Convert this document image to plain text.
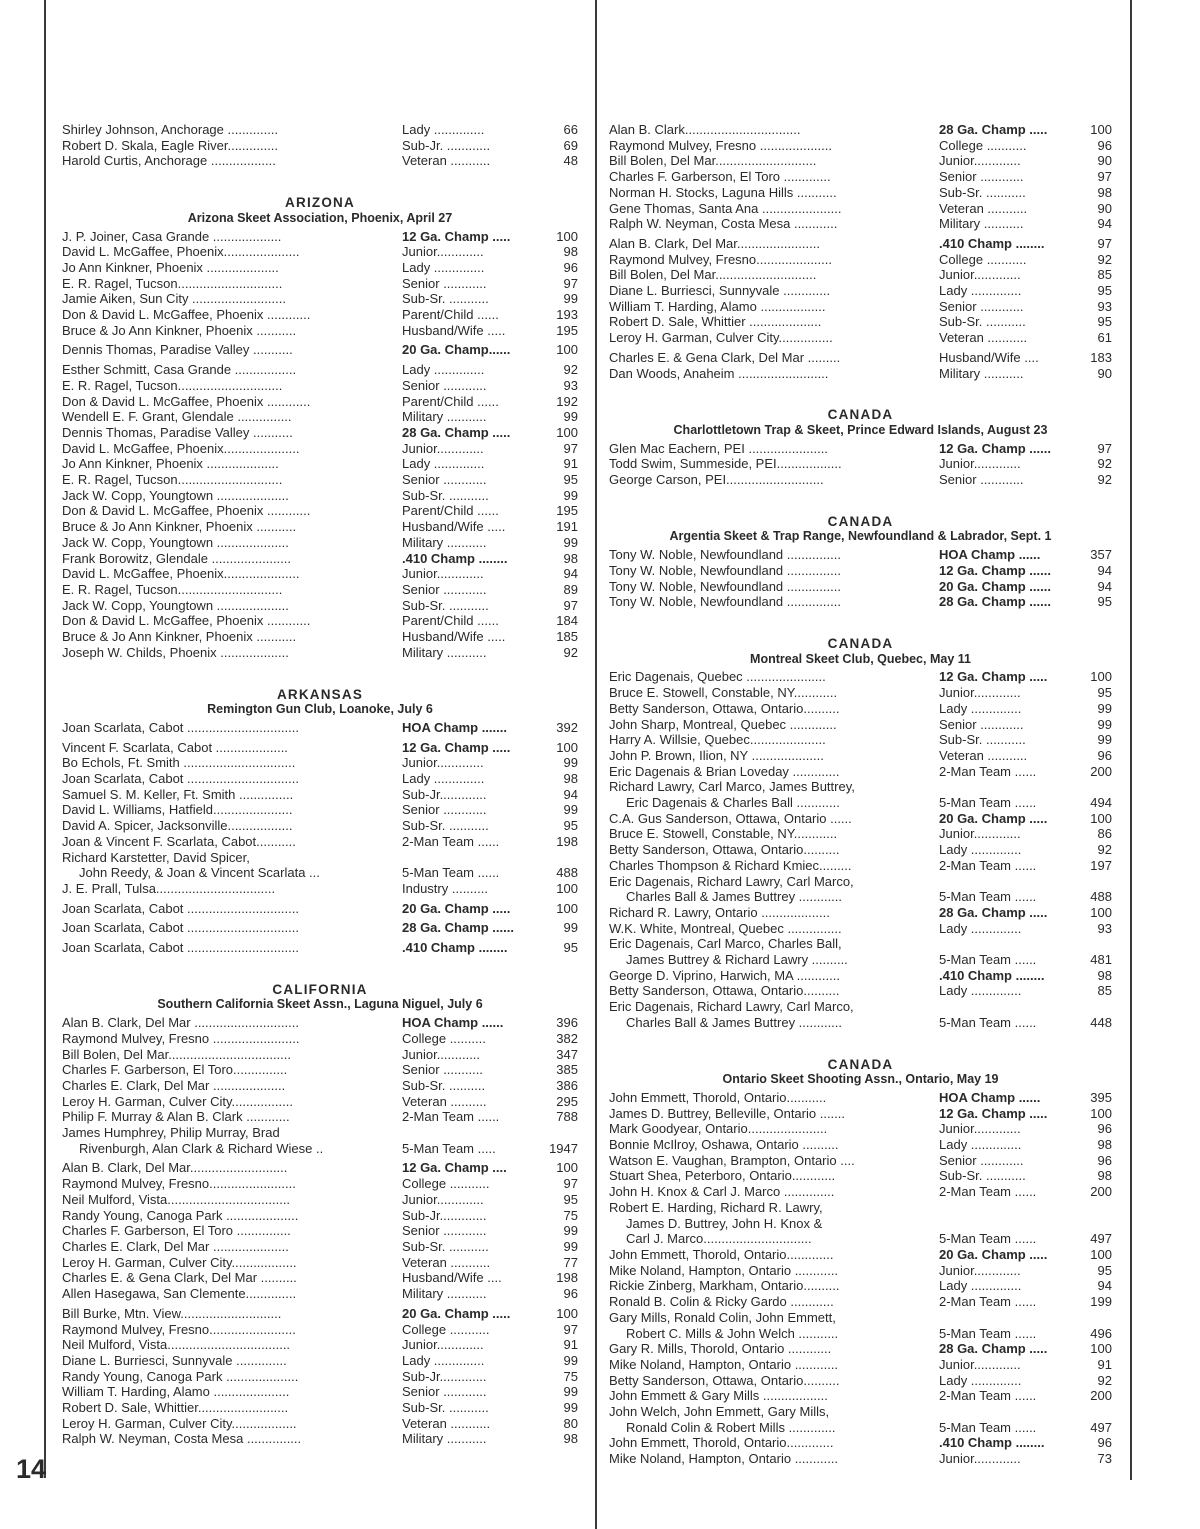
Shirley Johnson, Anchorage ..............	Lady ..............	66
Robert D. Skala, Eagle River..............	Sub-Jr. ............	69
Harold Curtis, Anchorage ..................	Veteran ...........	48
ARIZONA
Arizona Skeet Association, Phoenix, April 27
J. P. Joiner, Casa Grande ...................	12 Ga. Champ .....	100
David L. McGaffee, Phoenix.....................	Junior.............	98
Jo Ann Kinkner, Phoenix ....................	Lady ..............	96
E. R. Ragel, Tucson.............................	Senior ............	97
Jamie Aiken, Sun City ..........................	Sub-Sr. ...........	99
Don & David L. McGaffee, Phoenix ............	Parent/Child ......	193
Bruce & Jo Ann Kinkner, Phoenix ...........	Husband/Wife .....	195
Dennis Thomas, Paradise Valley ...........	20 Ga. Champ......	100
Esther Schmitt, Casa Grande .................	Lady ..............	92
E. R. Ragel, Tucson.............................	Senior ............	93
Don & David L. McGaffee, Phoenix ............	Parent/Child ......	192
Wendell E. F. Grant, Glendale ...............	Military ...........	99
Dennis Thomas, Paradise Valley ...........	28 Ga. Champ .....	100
David L. McGaffee, Phoenix.....................	Junior.............	97
Jo Ann Kinkner, Phoenix ....................	Lady ..............	91
E. R. Ragel, Tucson.............................	Senior ............	95
Jack W. Copp, Youngtown ....................	Sub-Sr. ...........	99
Don & David L. McGaffee, Phoenix ............	Parent/Child ......	195
Bruce & Jo Ann Kinkner, Phoenix ...........	Husband/Wife .....	191
Jack W. Copp, Youngtown ....................	Military ...........	99
Frank Borowitz, Glendale ......................	.410 Champ ........	98
David L. McGaffee, Phoenix.....................	Junior.............	94
E. R. Ragel, Tucson.............................	Senior ............	89
Jack W. Copp, Youngtown ....................	Sub-Sr. ...........	97
Don & David L. McGaffee, Phoenix ............	Parent/Child ......	184
Bruce & Jo Ann Kinkner, Phoenix ...........	Husband/Wife .....	185
Joseph W. Childs, Phoenix ...................	Military ...........	92
ARKANSAS
Remington Gun Club, Loanoke, July 6
Joan Scarlata, Cabot ...............................	HOA Champ .......	392
Vincent F. Scarlata, Cabot ....................	12 Ga. Champ .....	100
Bo Echols, Ft. Smith ...............................	Junior.............	99
Joan Scarlata, Cabot ...............................	Lady ..............	98
Samuel S. M. Keller, Ft. Smith ...............	Sub-Jr.............	94
David L. Williams, Hatfield......................	Senior ............	99
David A. Spicer, Jacksonville..................	Sub-Sr. ...........	95
Joan & Vincent F. Scarlata, Cabot...........	2-Man Team ......	198
Richard Karstetter, David Spicer,
John Reedy, & Joan & Vincent Scarlata ...	5-Man Team ......	488
J. E. Prall, Tulsa.................................	Industry ..........	100
Joan Scarlata, Cabot ...............................	20 Ga. Champ .....	100
Joan Scarlata, Cabot ...............................	28 Ga. Champ ......	99
Joan Scarlata, Cabot ...............................	.410 Champ ........	95
CALIFORNIA
Southern California Skeet Assn., Laguna Niguel, July 6
Alan B. Clark, Del Mar .............................	HOA Champ ......	396
Raymond Mulvey, Fresno ........................	College ..........	382
Bill Bolen, Del Mar..................................	Junior............	347
Charles F. Garberson, El Toro...............	Senior ...........	385
Charles E. Clark, Del Mar ....................	Sub-Sr. ..........	386
Leroy H. Garman, Culver City.................	Veteran ..........	295
Philip F. Murray & Alan B. Clark ............	2-Man Team ......	788
James Humphrey, Philip Murray, Brad
Rivenburgh, Alan Clark & Richard Wiese ..	5-Man Team .....	1947
Alan B. Clark, Del Mar...........................	12 Ga. Champ ....	100
Raymond Mulvey, Fresno........................	College ...........	97
Neil Mulford, Vista..................................	Junior.............	95
Randy Young, Canoga Park ....................	Sub-Jr.............	75
Charles F. Garberson, El Toro ...............	Senior ............	99
Charles E. Clark, Del Mar .....................	Sub-Sr. ...........	99
Leroy H. Garman, Culver City..................	Veteran ...........	77
Charles E. & Gena Clark, Del Mar ..........	Husband/Wife ....	198
Allen Hasegawa, San Clemente..............	Military ...........	96
Bill Burke, Mtn. View............................	20 Ga. Champ .....	100
Raymond Mulvey, Fresno........................	College ...........	97
Neil Mulford, Vista..................................	Junior.............	91
Diane L. Burriesci, Sunnyvale ..............	Lady ..............	99
Randy Young, Canoga Park ....................	Sub-Jr.............	75
William T. Harding, Alamo .....................	Senior ............	99
Robert D. Sale, Whittier.........................	Sub-Sr. ...........	99
Leroy H. Garman, Culver City..................	Veteran ...........	80
Ralph W. Neyman, Costa Mesa ...............	Military ...........	98
Alan B. Clark................................	28 Ga. Champ .....	100
Raymond Mulvey, Fresno ....................	College ...........	96
Bill Bolen, Del Mar............................	Junior.............	90
Charles F. Garberson, El Toro .............	Senior ............	97
Norman H. Stocks, Laguna Hills ...........	Sub-Sr. ...........	98
Gene Thomas, Santa Ana ......................	Veteran ...........	90
Ralph W. Neyman, Costa Mesa ............	Military ...........	94
Alan B. Clark, Del Mar.......................	.410 Champ ........	97
Raymond Mulvey, Fresno.....................	College ...........	92
Bill Bolen, Del Mar............................	Junior.............	85
Diane L. Burriesci, Sunnyvale .............	Lady ..............	95
William T. Harding, Alamo ..................	Senior ............	93
Robert D. Sale, Whittier ....................	Sub-Sr. ...........	95
Leroy H. Garman, Culver City...............	Veteran ...........	61
Charles E. & Gena Clark, Del Mar .........	Husband/Wife ....	183
Dan Woods, Anaheim .........................	Military ...........	90
CANADA
Charlottletown Trap & Skeet, Prince Edward Islands, August 23
Glen Mac Eachern, PEI ......................	12 Ga. Champ ......	97
Todd Swim, Summeside, PEI..................	Junior.............	92
George Carson, PEI...........................	Senior ............	92
CANADA
Argentia Skeet & Trap Range, Newfoundland & Labrador, Sept. 1
Tony W. Noble, Newfoundland ...............	HOA Champ ......	357
Tony W. Noble, Newfoundland ...............	12 Ga. Champ ......	94
Tony W. Noble, Newfoundland ...............	20 Ga. Champ ......	94
Tony W. Noble, Newfoundland ...............	28 Ga. Champ ......	95
CANADA
Montreal Skeet Club, Quebec, May 11
Eric Dagenais, Quebec ......................	12 Ga. Champ .....	100
Bruce E. Stowell, Constable, NY............	Junior.............	95
Betty Sanderson, Ottawa, Ontario..........	Lady ..............	99
John Sharp, Montreal, Quebec .............	Senior ............	99
Harry A. Willsie, Quebec.....................	Sub-Sr. ...........	99
John P. Brown, Ilion, NY ....................	Veteran ...........	96
Eric Dagenais & Brian Loveday .............	2-Man Team ......	200
Richard Lawry, Carl Marco, James Buttrey,
Eric Dagenais & Charles Ball ............	5-Man Team ......	494
C.A. Gus Sanderson, Ottawa, Ontario ......	20 Ga. Champ .....	100
Bruce E. Stowell, Constable, NY............	Junior.............	86
Betty Sanderson, Ottawa, Ontario..........	Lady ..............	92
Charles Thompson & Richard Kmiec.........	2-Man Team ......	197
Eric Dagenais, Richard Lawry, Carl Marco,
Charles Ball & James Buttrey ............	5-Man Team ......	488
Richard R. Lawry, Ontario ...................	28 Ga. Champ .....	100
W.K. White, Montreal, Quebec ...............	Lady ..............	93
Eric Dagenais, Carl Marco, Charles Ball,
James Buttrey & Richard Lawry ..........	5-Man Team ......	481
George D. Viprino, Harwich, MA ............	.410 Champ ........	98
Betty Sanderson, Ottawa, Ontario..........	Lady ..............	85
Eric Dagenais, Richard Lawry, Carl Marco,
Charles Ball & James Buttrey ............	5-Man Team ......	448
CANADA
Ontario Skeet Shooting Assn., Ontario, May 19
John Emmett, Thorold, Ontario...........	HOA Champ ......	395
James D. Buttrey, Belleville, Ontario .......	12 Ga. Champ .....	100
Mark Goodyear, Ontario......................	Junior.............	96
Bonnie McIlroy, Oshawa, Ontario ..........	Lady ..............	98
Watson E. Vaughan, Brampton, Ontario ....	Senior ............	96
Stuart Shea, Peterboro, Ontario............	Sub-Sr. ...........	98
John H. Knox & Carl J. Marco ..............	2-Man Team ......	200
Robert E. Harding, Richard R. Lawry,
James D. Buttrey, John H. Knox &
Carl J. Marco..............................	5-Man Team ......	497
John Emmett, Thorold, Ontario.............	20 Ga. Champ .....	100
Mike Noland, Hampton, Ontario ............	Junior.............	95
Rickie Zinberg, Markham, Ontario..........	Lady ..............	94
Ronald B. Colin & Ricky Gardo ............	2-Man Team ......	199
Gary Mills, Ronald Colin, John Emmett,
Robert C. Mills & John Welch ...........	5-Man Team ......	496
Gary R. Mills, Thorold, Ontario ............	28 Ga. Champ .....	100
Mike Noland, Hampton, Ontario ............	Junior.............	91
Betty Sanderson, Ottawa, Ontario..........	Lady ..............	92
John Emmett & Gary Mills ..................	2-Man Team ......	200
John Welch, John Emmett, Gary Mills,
Ronald Colin & Robert Mills .............	5-Man Team ......	497
John Emmett, Thorold, Ontario.............	.410 Champ ........	96
Mike Noland, Hampton, Ontario ............	Junior.............	73
14
